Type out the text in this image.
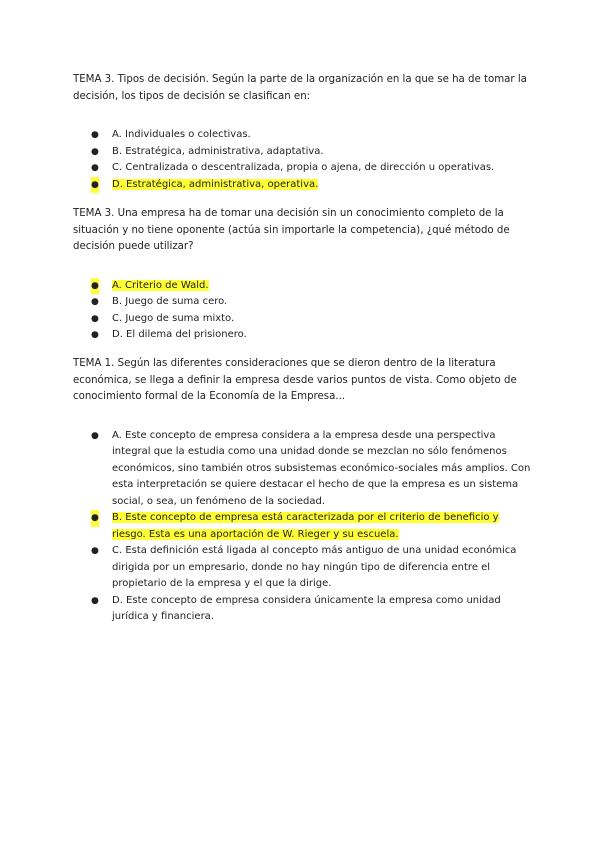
TEMA 3. Tipos de decisión. Según la parte de la organización en la que se ha de tomar la decisión, los tipos de decisión se clasifican en:

● A. Individuales o colectivas.
● B. Estratégica, administrativa, adaptativa.
● C. Centralizada o descentralizada, propia o ajena, de dirección u operativas.
● D. Estratégica, administrativa, operativa.

TEMA 3. Una empresa ha de tomar una decisión sin un conocimiento completo de la situación y no tiene oponente (actúa sin importarle la competencia), ¿qué método de decisión puede utilizar?

● A. Criterio de Wald.
● B. Juego de suma cero.
● C. Juego de suma mixto.
● D. El dilema del prisionero.

TEMA 1. Según las diferentes consideraciones que se dieron dentro de la literatura económica, se llega a definir la empresa desde varios puntos de vista. Como objeto de conocimiento formal de la Economía de la Empresa...

● A. Este concepto de empresa considera a la empresa desde una perspectiva integral que la estudia como una unidad donde se mezclan no sólo fenómenos económicos, sino también otros subsistemas económico-sociales más amplios. Con esta interpretación se quiere destacar el hecho de que la empresa es un sistema social, o sea, un fenómeno de la sociedad.
● B. Este concepto de empresa está caracterizada por el criterio de beneficio y riesgo. Esta es una aportación de W. Rieger y su escuela.
● C. Esta definición está ligada al concepto más antiguo de una unidad económica dirigida por un empresario, donde no hay ningún tipo de diferencia entre el propietario de la empresa y el que la dirige.
● D. Este concepto de empresa considera únicamente la empresa como unidad jurídica y financiera.
